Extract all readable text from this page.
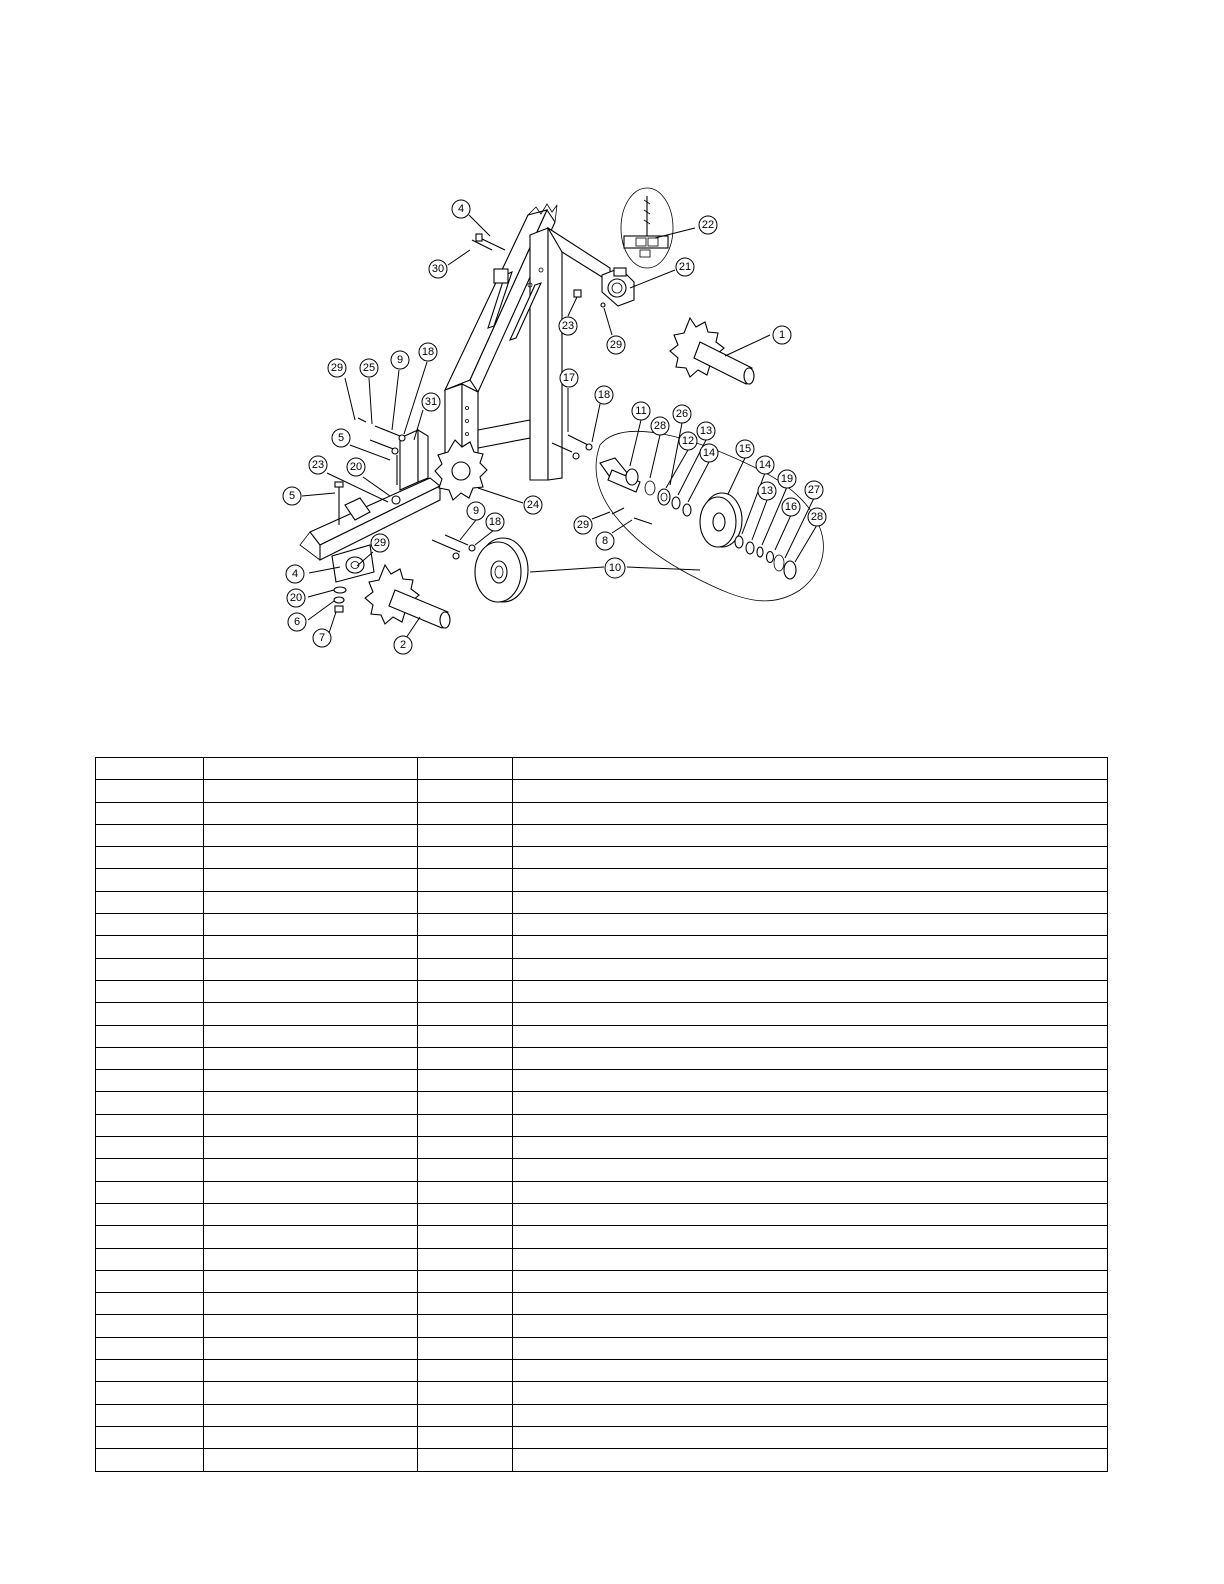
4
30
22
21
1
23
29
17
18
29 25
9
18
31
5
23 20
5
24
29
4
20
6
7
2
9
18
10
29
8
11
28
26
12
13
14 15
14
13
19
16
27
28
